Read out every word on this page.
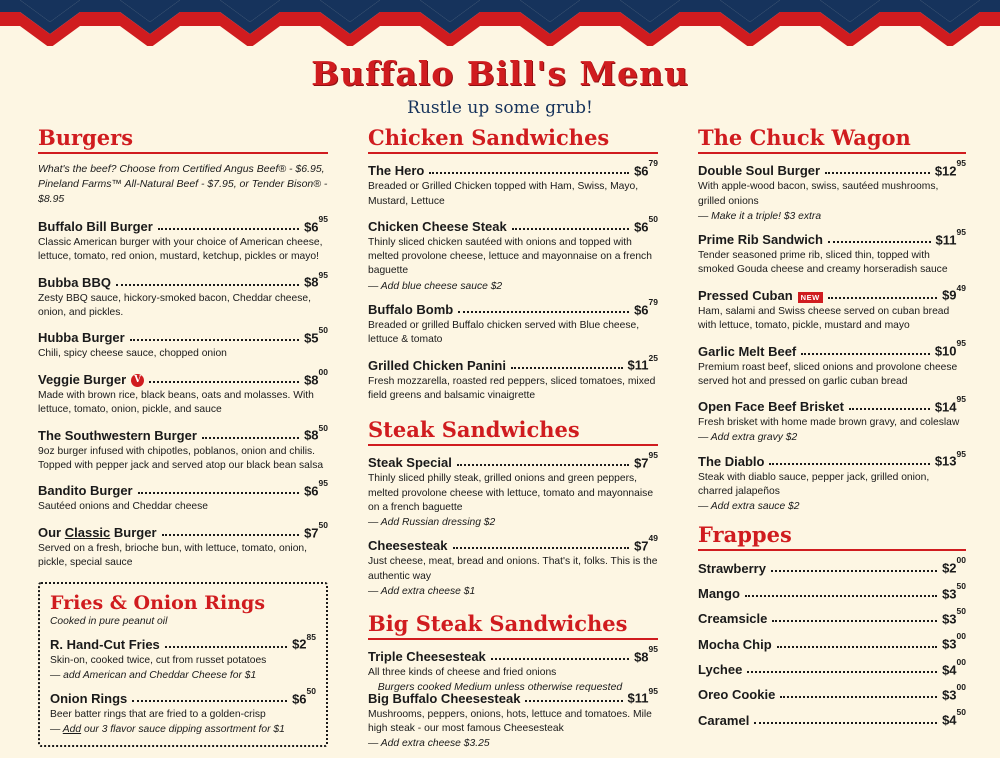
Buffalo Bill's Menu
Rustle up some grub!
Burgers
What's the beef? Choose from Certified Angus Beef® - $6.95, Pineland Farms™ All-Natural Beef - $7.95, or Tender Bison® - $8.95
Buffalo Bill Burger	$\$6^{95}$
Classic American burger with your choice of American cheese, lettuce, tomato, red onion, mustard, ketchup, pickles or mayo!
Bubba BBQ	$\$8^{95}$
Zesty BBQ sauce, hickory-smoked bacon, Cheddar cheese, onion, and pickles.
Hubba Burger	$\$5^{50}$
Chili, spicy cheese sauce, chopped onion
Veggie Burger V	$\$8^{00}$
Made with brown rice, black beans, oats and molasses. With lettuce, tomato, onion, pickle, and sauce
The Southwestern Burger	$\$8^{50}$
9oz burger infused with chipotles, poblanos, onion and chilis. Topped with pepper jack and served atop our black bean salsa
Bandito Burger	$\$6^{95}$
Sautéed onions and Cheddar cheese
Our Classic Burger	$\$7^{50}$
Served on a fresh, brioche bun, with lettuce, tomato, onion, pickle, special sauce
Fries & Onion Rings
Cooked in pure peanut oil
R. Hand-Cut Fries	$\$2^{85}$
Skin-on, cooked twice, cut from russet potatoes
— add American and Cheddar Cheese for $1
Onion Rings	$\$6^{50}$
Beer batter rings that are fried to a golden-crisp
— Add our 3 flavor sauce dipping assortment for $1
Chicken Sandwiches
The Hero	$\$6^{79}$
Breaded or Grilled Chicken topped with Ham, Swiss, Mayo, Mustard, Lettuce
Chicken Cheese Steak	$\$6^{50}$
Thinly sliced chicken sautéed with onions and topped with melted provolone cheese, lettuce and mayonnaise on a french baguette
— Add blue cheese sauce $2
Buffalo Bomb	$\$6^{79}$
Breaded or grilled Buffalo chicken served with Blue cheese, lettuce & tomato
Grilled Chicken Panini	$\$11^{25}$
Fresh mozzarella, roasted red peppers, sliced tomatoes, mixed field greens and balsamic vinaigrette
Steak Sandwiches
Steak Special	$\$7^{95}$
Thinly sliced philly steak, grilled onions and green peppers, melted provolone cheese with lettuce, tomato and mayonnaise on a french baguette
— Add Russian dressing $2
Cheesesteak	$\$7^{49}$
Just cheese, meat, bread and onions. That's it, folks. This is the authentic way
— Add extra cheese $1
Big Steak Sandwiches
Triple Cheesesteak	$\$8^{95}$
All three kinds of cheese and fried onions
Big Buffalo Cheesesteak	$\$11^{95}$
Mushrooms, peppers, onions, hots, lettuce and tomatoes. Mile high steak - our most famous Cheesesteak
— Add extra cheese $3.25
The Chuck Wagon
Double Soul Burger	$\$12^{95}$
With apple-wood bacon, swiss, sautéed mushrooms, grilled onions
— Make it a triple! $3 extra
Prime Rib Sandwich	$\$11^{95}$
Tender seasoned prime rib, sliced thin, topped with smoked Gouda cheese and creamy horseradish sauce
Pressed Cuban	NEW	$\$9^{49}$
Ham, salami and Swiss cheese served on cuban bread with lettuce, tomato, pickle, mustard and mayo
Garlic Melt Beef	$\$10^{95}$
Premium roast beef, sliced onions and provolone cheese served hot and pressed on garlic cuban bread
Open Face Beef Brisket	$\$14^{95}$
Fresh brisket with home made brown gravy, and coleslaw
— Add extra gravy $2
The Diablo	$\$13^{95}$
Steak with diablo sauce, pepper jack, grilled onion, charred jalapeños
— Add extra sauce $2
Frappes
Strawberry	$\$2^{00}$
Mango	$\$3^{50}$
Creamsicle	$\$3^{50}$
Mocha Chip	$\$3^{00}$
Lychee	$\$4^{00}$
Oreo Cookie	$\$3^{00}$
Caramel	$\$4^{50}$
Burgers cooked Medium unless otherwise requested
